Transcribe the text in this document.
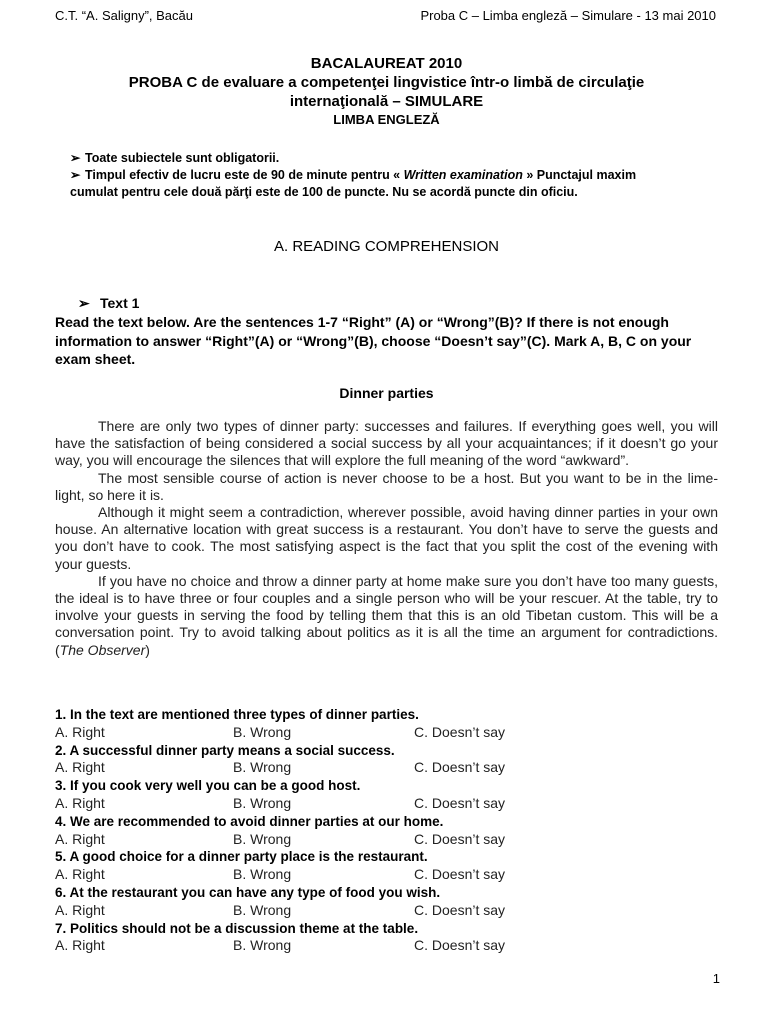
C.T. “A. Saligny”, Bacău	Proba C – Limba engleză – Simulare - 13 mai 2010
BACALAUREAT 2010
PROBA C de evaluare a competenţei lingvistice într-o limbă de circulaţie
internaţională – SIMULARE
LIMBA ENGLEZĂ
➢ Toate subiectele sunt obligatorii.
➢ Timpul efectiv de lucru este de 90 de minute pentru « Written examination » Punctajul maxim
cumulat pentru cele două părţi este de 100 de puncte. Nu se acordă puncte din oficiu.
A. READING COMPREHENSION
➢ Text 1
Read the text below. Are the sentences 1-7 “Right” (A) or “Wrong”(B)? If there is not enough information to answer “Right”(A) or “Wrong”(B), choose “Doesn’t say”(C). Mark A, B, C on your exam sheet.
Dinner parties

There are only two types of dinner party: successes and failures. If everything goes well, you will have the satisfaction of being considered a social success by all your acquaintances; if it doesn’t go your way, you will encourage the silences that will explore the full meaning of the word “awkward”.

The most sensible course of action is never choose to be a host. But you want to be in the lime-light, so here it is.

Although it might seem a contradiction, wherever possible, avoid having dinner parties in your own house. An alternative location with great success is a restaurant. You don’t have to serve the guests and you don’t have to cook. The most satisfying aspect is the fact that you split the cost of the evening with your guests.

If you have no choice and throw a dinner party at home make sure you don’t have too many guests, the ideal is to have three or four couples and a single person who will be your rescuer. At the table, try to involve your guests in serving the food by telling them that this is an old Tibetan custom. This will be a conversation point. Try to avoid talking about politics as it is all the time an argument for contradictions. (The Observer)

1. In the text are mentioned three types of dinner parties.
A. Right	B. Wrong	C. Doesn’t say
2. A successful dinner party means a social success.
A. Right	B. Wrong	C. Doesn’t say
3. If you cook very well you can be a good host.
A. Right	B. Wrong	C. Doesn’t say
4. We are recommended to avoid dinner parties at our home.
A. Right	B. Wrong	C. Doesn’t say
5. A good choice for a dinner party place is the restaurant.
A. Right	B. Wrong	C. Doesn’t say
6. At the restaurant you can have any type of food you wish.
A. Right	B. Wrong	C. Doesn’t say
7. Politics should not be a discussion theme at the table.
A. Right	B. Wrong	C. Doesn’t say
1
